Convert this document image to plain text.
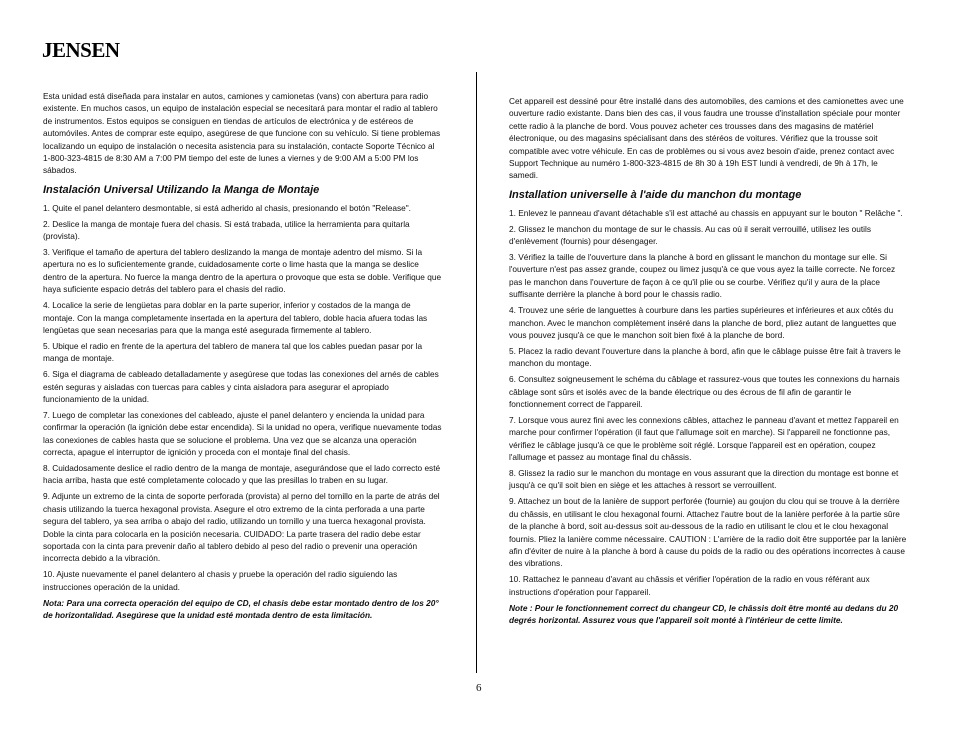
JENSEN

Esta unidad está diseñada para instalar en autos, camiones y camionetas (vans) con abertura para radio existente. En muchos casos, un equipo de instalación especial se necesitará para montar el radio al tablero de instrumentos. Estos equipos se consiguen en tiendas de artículos de electrónica y de estéreos de automóviles. Antes de comprar este equipo, asegúrese de que funcione con su vehículo. Si tiene problemas localizando un equipo de instalación o necesita asistencia para su instalación, contacte Soporte Técnico al 1-800-323-4815 de 8:30 AM a 7:00 PM tiempo del este de lunes a viernes y de 9:00 AM a 5:00 PM los sábados.

Instalación Universal Utilizando la Manga de Montaje
1. Quite el panel delantero desmontable, si está adherido al chasis, presionando el botón "Release".
2. Deslice la manga de montaje fuera del chasis. Si está trabada, utilice la herramienta para quitarla (provista).
3. Verifique el tamaño de apertura del tablero deslizando la manga de montaje adentro del mismo. Si la apertura no es lo suficientemente grande, cuidadosamente corte o lime hasta que la manga se deslice dentro de la apertura. No fuerce la manga dentro de la apertura o provoque que esta se doble. Verifique que haya suficiente espacio detrás del tablero para el chasis del radio.
4. Localice la serie de lengüetas para doblar en la parte superior, inferior y costados de la manga de montaje. Con la manga completamente insertada en la apertura del tablero, doble hacia afuera todas las lengüetas que sean necesarias para que la manga esté asegurada firmemente al tablero.
5. Ubique el radio en frente de la apertura del tablero de manera tal que los cables puedan pasar por la manga de montaje.
6. Siga el diagrama de cableado detalladamente y asegúrese que todas las conexiones del arnés de cables estén seguras y aisladas con tuercas para cables y cinta aisladora para asegurar el apropiado funcionamiento de la unidad.
7. Luego de completar las conexiones del cableado, ajuste el panel delantero y encienda la unidad para confirmar la operación (la ignición debe estar encendida). Si la unidad no opera, verifique nuevamente todas las conexiones de cables hasta que se solucione el problema. Una vez que se alcanza una operación correcta, apague el interruptor de ignición y proceda con el montaje final del chasis.
8. Cuidadosamente deslice el radio dentro de la manga de montaje, asegurándose que el lado correcto esté hacia arriba, hasta que esté completamente colocado y que las presillas lo traben en su lugar.
9. Adjunte un extremo de la cinta de soporte perforada (provista) al perno del tornillo en la parte de atrás del chasis utilizando la tuerca hexagonal provista. Asegure el otro extremo de la cinta perforada a una parte segura del tablero, ya sea arriba o abajo del radio, utilizando un tornillo y una tuerca hexagonal provista. Doble la cinta para colocarla en la posición necesaria. CUIDADO: La parte trasera del radio debe estar soportada con la cinta para prevenir daño al tablero debido al peso del radio o prevenir una operación incorrecta debido a la vibración.
10. Ajuste nuevamente el panel delantero al chasis y pruebe la operación del radio siguiendo las instrucciones operación de la unidad.

Nota: Para una correcta operación del equipo de CD, el chasis debe estar montado dentro de los 20° de horizontalidad. Asegúrese que la unidad esté montada dentro de esta limitación.

Cet appareil est dessiné pour être installé dans des automobiles, des camions et des camionettes avec une ouverture radio existante. Dans bien des cas, il vous faudra une trousse d'installation spéciale pour monter cette radio à la planche de bord. Vous pouvez acheter ces trousses dans des magasins de matériel électronique, ou des magasins spécialisant dans des stéréos de voitures. Vérifiez que la trousse soit compatible avec votre véhicule. En cas de problèmes ou si vous avez besoin d'aide, prenez contact avec Support Technique au numéro 1-800-323-4815 de 8h 30 à 19h EST lundi à vendredi, de 9h à 17h, le samedi.

Installation universelle à l'aide du manchon du montage
1. Enlevez le panneau d'avant détachable s'il est attaché au chassis en appuyant sur le bouton " Relâche ".
2. Glissez le manchon du montage de sur le chassis. Au cas où il serait verrouillé, utilisez les outils d'enlèvement (fournis) pour désengager.
3. Vérifiez la taille de l'ouverture dans la planche à bord en glissant le manchon du montage sur elle. Si l'ouverture n'est pas assez grande, coupez ou limez jusqu'à ce que vous ayez la taille correcte. Ne forcez pas le manchon dans l'ouverture de façon à ce qu'il plie ou se courbe. Vérifiez qu'il y aura de la place suffisante derrière la planche à bord pour le chassis radio.
4. Trouvez une série de languettes à courbure dans les parties supérieures et inférieures et aux côtés du manchon. Avec le manchon complètement inséré dans la planche de bord, pliez autant de languettes que vous pouvez jusqu'à ce que le manchon soit bien fixé à la planche de bord.
5. Placez la radio devant l'ouverture dans la planche à bord, afin que le câblage puisse être fait à travers le manchon du montage.
6. Consultez soigneusement le schéma du câblage et rassurez-vous que toutes les connexions du harnais câblage sont sûrs et isolés avec de la bande électrique ou des écrous de fil afin de garantir le fonctionnement correct de l'appareil.
7. Lorsque vous aurez fini avec les connexions câbles, attachez le panneau d'avant et mettez l'appareil en marche pour confirmer l'opération (il faut que l'allumage soit en marche). Si l'appareil ne fonctionne pas, vérifiez le câblage jusqu'à ce que le problème soit réglé. Lorsque l'appareil est en opération, coupez l'allumage et passez au montage final du châssis.
8. Glissez la radio sur le manchon du montage en vous assurant que la direction du montage est bonne et jusqu'à ce qu'il soit bien en siège et les attaches à ressort se verrouillent.
9. Attachez un bout de la lanière de support perforée (fournie) au goujon du clou qui se trouve à la derrière du châssis, en utilisant le clou hexagonal fourni. Attachez l'autre bout de la lanière perforée à la partie sûre de la planche à bord, soit au-dessus soit au-dessous de la radio en utilisant le clou et le clou hexagonal fournis. Pliez la lanière comme nécessaire. CAUTION : L'arrière de la radio doit être supportée par la lanière afin d'éviter de nuire à la planche à bord à cause du poids de la radio ou des opérations incorrectes à cause des vibrations.
10. Rattachez le panneau d'avant au châssis et vérifier l'opération de la radio en vous référant aux instructions d'opération pour l'appareil.

Note : Pour le fonctionnement correct du changeur CD, le châssis doit être monté au dedans du 20 degrés horizontal. Assurez vous que l'appareil soit monté à l'intérieur de cette limite.

6
